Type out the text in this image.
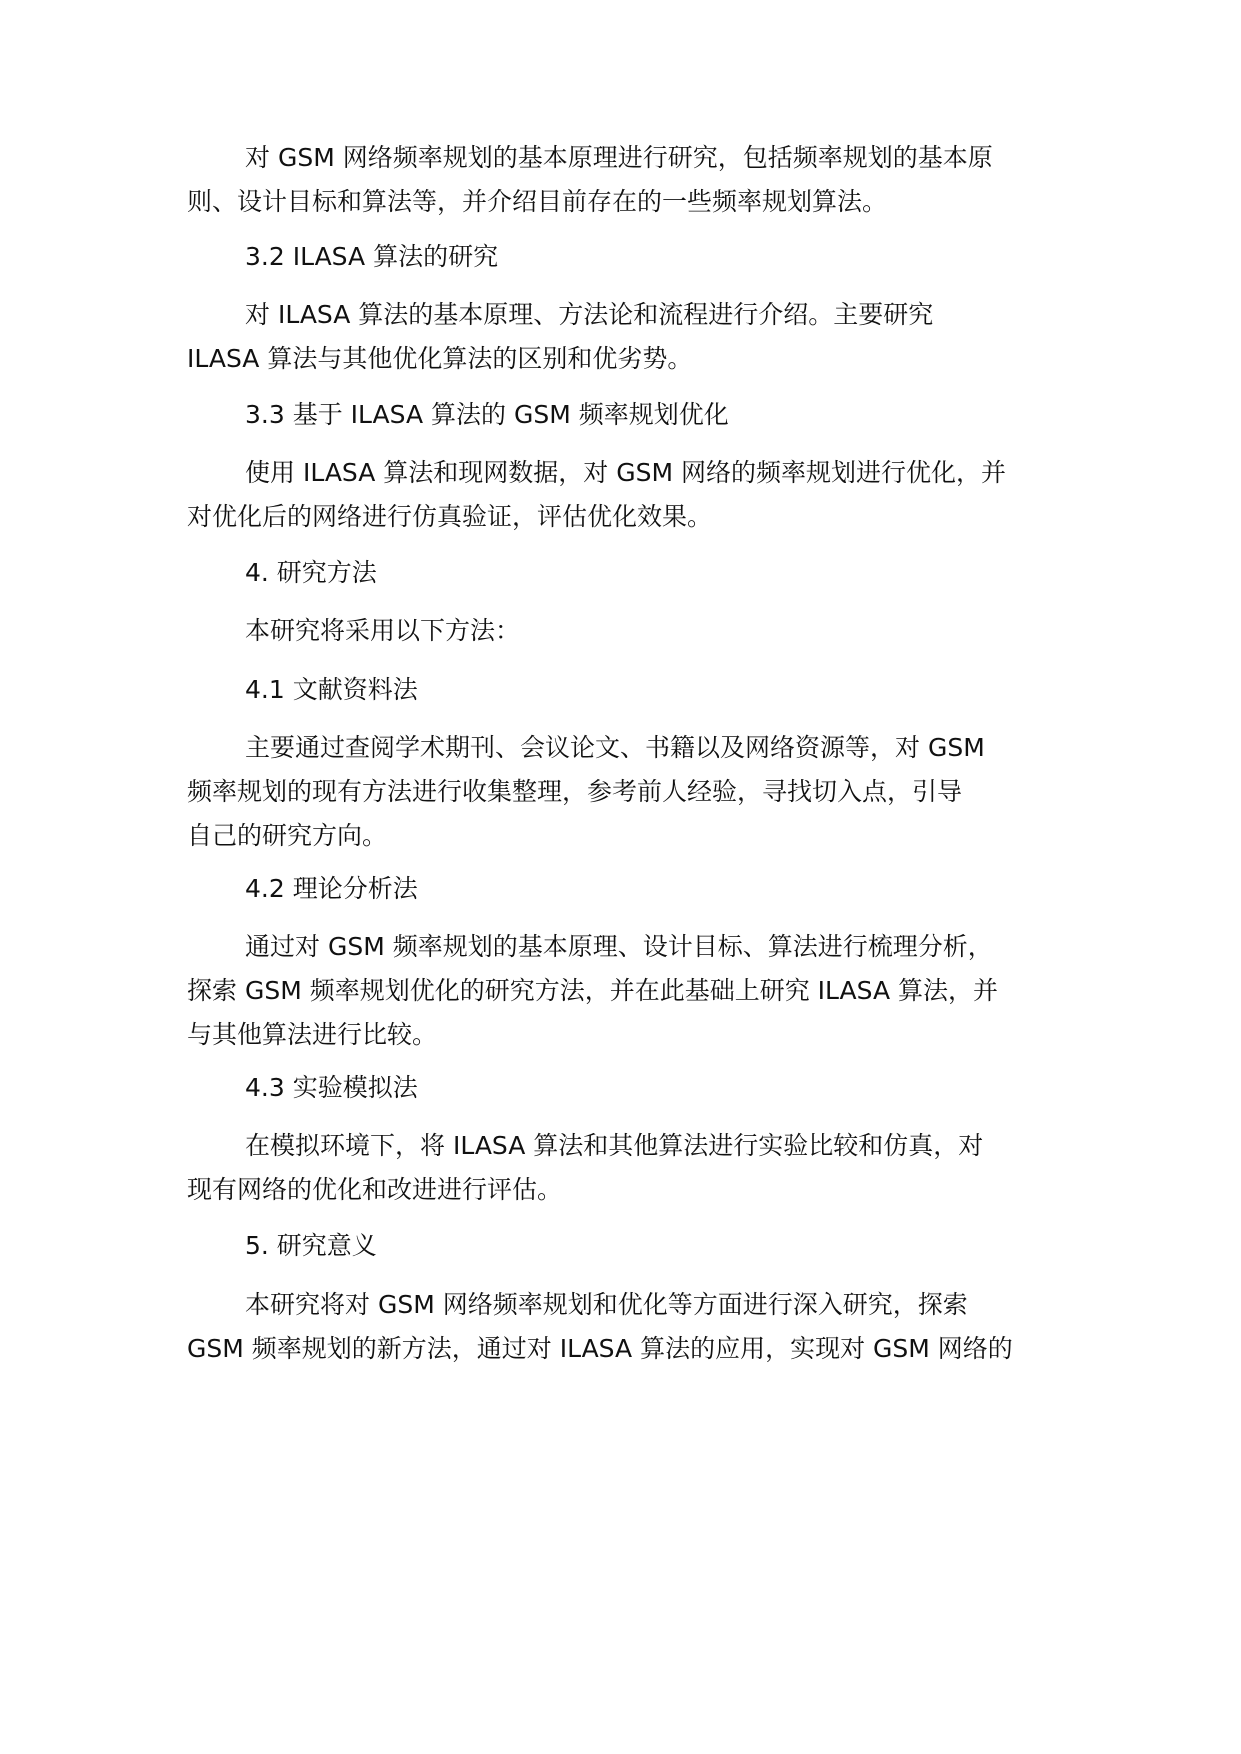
对 GSM 网络频率规划的基本原理进行研究，包括频率规划的基本原
则、设计目标和算法等，并介绍目前存在的一些频率规划算法。

3.2 ILASA 算法的研究

对 ILASA 算法的基本原理、方法论和流程进行介绍。主要研究
ILASA 算法与其他优化算法的区别和优劣势。

3.3 基于 ILASA 算法的 GSM 频率规划优化

使用 ILASA 算法和现网数据，对 GSM 网络的频率规划进行优化，并
对优化后的网络进行仿真验证，评估优化效果。

4. 研究方法

本研究将采用以下方法：

4.1 文献资料法

主要通过查阅学术期刊、会议论文、书籍以及网络资源等，对 GSM
频率规划的现有方法进行收集整理，参考前人经验，寻找切入点，引导
自己的研究方向。

4.2 理论分析法

通过对 GSM 频率规划的基本原理、设计目标、算法进行梳理分析，
探索 GSM 频率规划优化的研究方法，并在此基础上研究 ILASA 算法，并
与其他算法进行比较。

4.3 实验模拟法

在模拟环境下，将 ILASA 算法和其他算法进行实验比较和仿真，对
现有网络的优化和改进进行评估。

5. 研究意义

本研究将对 GSM 网络频率规划和优化等方面进行深入研究，探索
GSM 频率规划的新方法，通过对 ILASA 算法的应用，实现对 GSM 网络的
